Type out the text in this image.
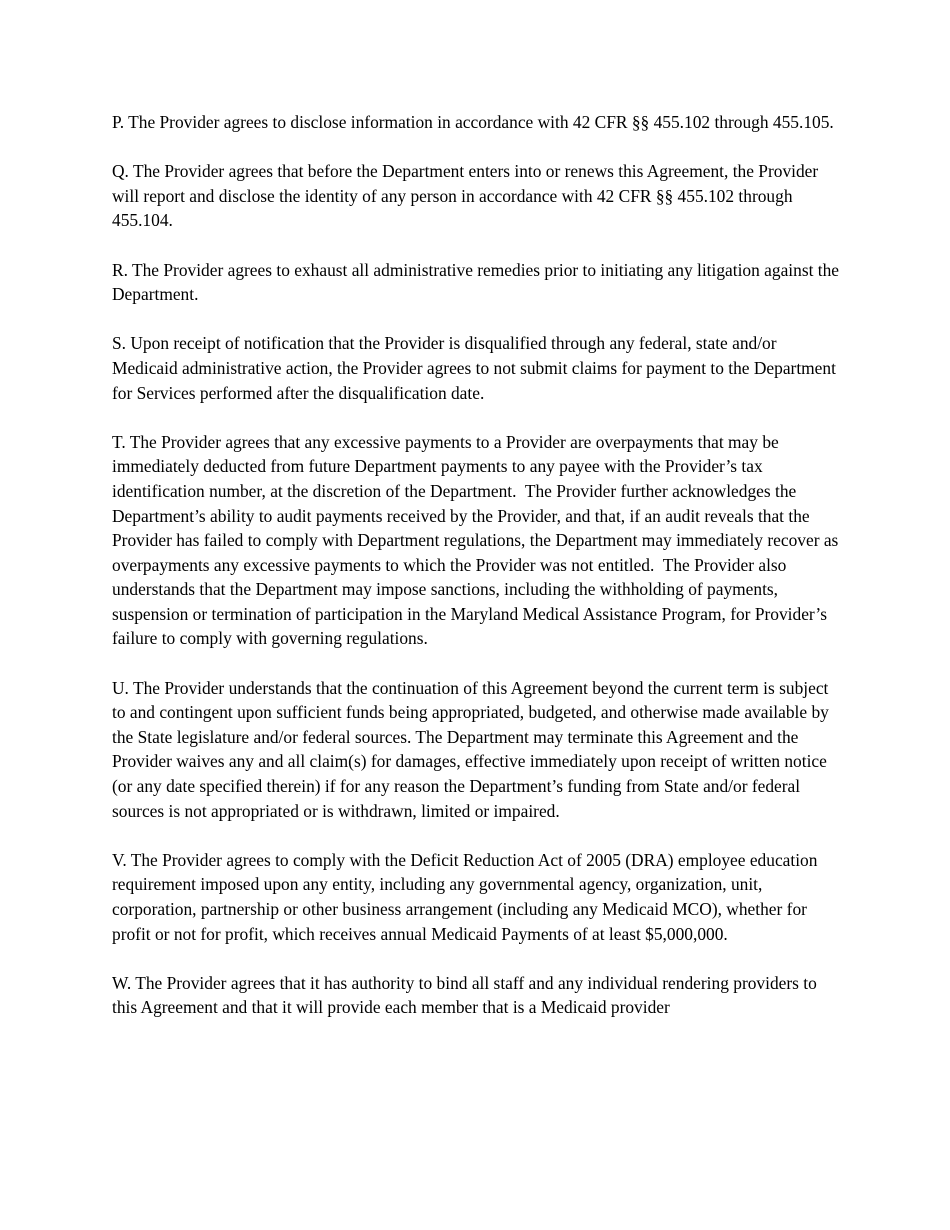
P. The Provider agrees to disclose information in accordance with 42 CFR §§ 455.102 through 455.105.

Q. The Provider agrees that before the Department enters into or renews this Agreement, the Provider will report and disclose the identity of any person in accordance with 42 CFR §§ 455.102 through 455.104.

R. The Provider agrees to exhaust all administrative remedies prior to initiating any litigation against the Department.

S. Upon receipt of notification that the Provider is disqualified through any federal, state and/or Medicaid administrative action, the Provider agrees to not submit claims for payment to the Department for Services performed after the disqualification date.

T. The Provider agrees that any excessive payments to a Provider are overpayments that may be immediately deducted from future Department payments to any payee with the Provider’s tax identification number, at the discretion of the Department.  The Provider further acknowledges the Department’s ability to audit payments received by the Provider, and that, if an audit reveals that the Provider has failed to comply with Department regulations, the Department may immediately recover as overpayments any excessive payments to which the Provider was not entitled.  The Provider also understands that the Department may impose sanctions, including the withholding of payments, suspension or termination of participation in the Maryland Medical Assistance Program, for Provider’s failure to comply with governing regulations.

U. The Provider understands that the continuation of this Agreement beyond the current term is subject to and contingent upon sufficient funds being appropriated, budgeted, and otherwise made available by the State legislature and/or federal sources. The Department may terminate this Agreement and the Provider waives any and all claim(s) for damages, effective immediately upon receipt of written notice (or any date specified therein) if for any reason the Department’s funding from State and/or federal sources is not appropriated or is withdrawn, limited or impaired.

V. The Provider agrees to comply with the Deficit Reduction Act of 2005 (DRA) employee education requirement imposed upon any entity, including any governmental agency, organization, unit, corporation, partnership or other business arrangement (including any Medicaid MCO), whether for profit or not for profit, which receives annual Medicaid Payments of at least $5,000,000.

W. The Provider agrees that it has authority to bind all staff and any individual rendering providers to this Agreement and that it will provide each member that is a Medicaid provider
